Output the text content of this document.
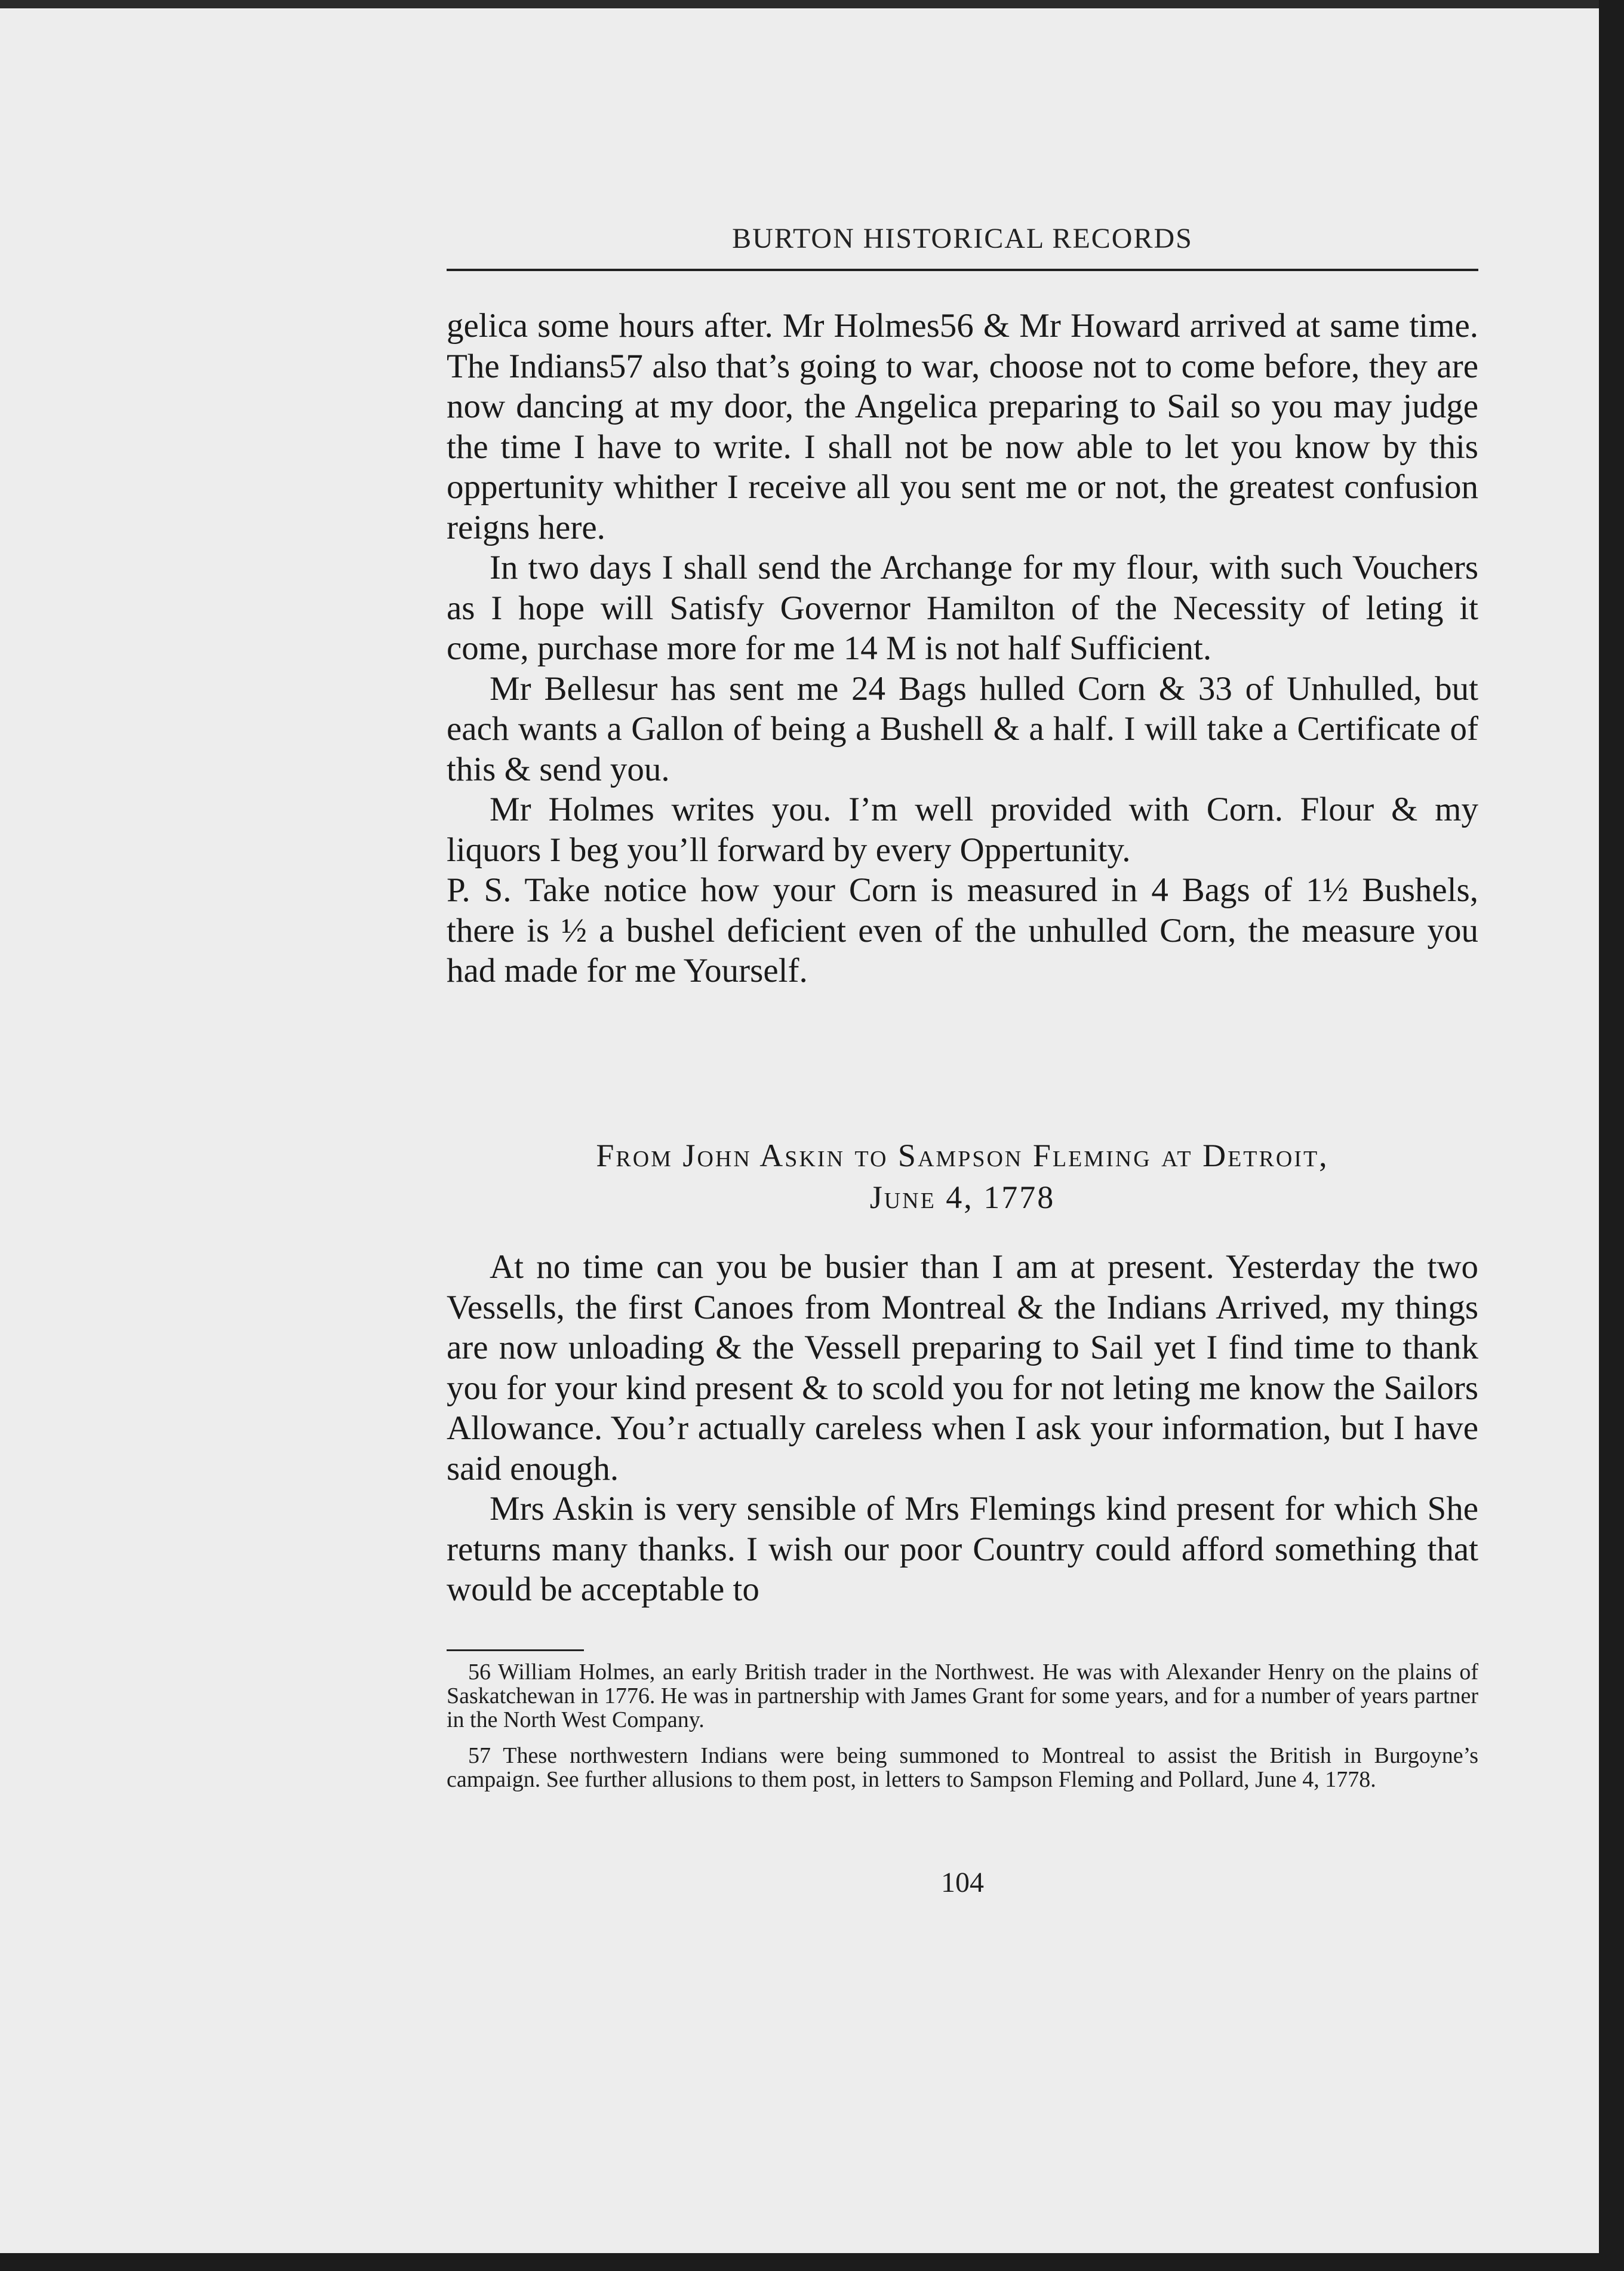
BURTON HISTORICAL RECORDS

gelica some hours after. Mr Holmes56 & Mr Howard arrived at same time. The Indians57 also that’s going to war, choose not to come before, they are now dancing at my door, the Angelica preparing to Sail so you may judge the time I have to write. I shall not be now able to let you know by this oppertunity whither I receive all you sent me or not, the greatest confusion reigns here.

In two days I shall send the Archange for my flour, with such Vouchers as I hope will Satisfy Governor Hamilton of the Necessity of leting it come, purchase more for me 14 M is not half Sufficient.

Mr Bellesur has sent me 24 Bags hulled Corn & 33 of Unhulled, but each wants a Gallon of being a Bushell & a half. I will take a Certificate of this & send you.

Mr Holmes writes you. I’m well provided with Corn. Flour & my liquors I beg you’ll forward by every Oppertunity.

P. S. Take notice how your Corn is measured in 4 Bags of 1½ Bushels, there is ½ a bushel deficient even of the unhulled Corn, the measure you had made for me Yourself.

From John Askin to Sampson Fleming at Detroit,
June 4, 1778

At no time can you be busier than I am at present. Yesterday the two Vessells, the first Canoes from Montreal & the Indians Arrived, my things are now unloading & the Vessell preparing to Sail yet I find time to thank you for your kind present & to scold you for not leting me know the Sailors Allowance. You’r actually careless when I ask your information, but I have said enough.

Mrs Askin is very sensible of Mrs Flemings kind present for which She returns many thanks. I wish our poor Country could afford something that would be acceptable to

56 William Holmes, an early British trader in the Northwest. He was with Alexander Henry on the plains of Saskatchewan in 1776. He was in partnership with James Grant for some years, and for a number of years partner in the North West Company.

57 These northwestern Indians were being summoned to Montreal to assist the British in Burgoyne’s campaign. See further allusions to them post, in letters to Sampson Fleming and Pollard, June 4, 1778.

104
